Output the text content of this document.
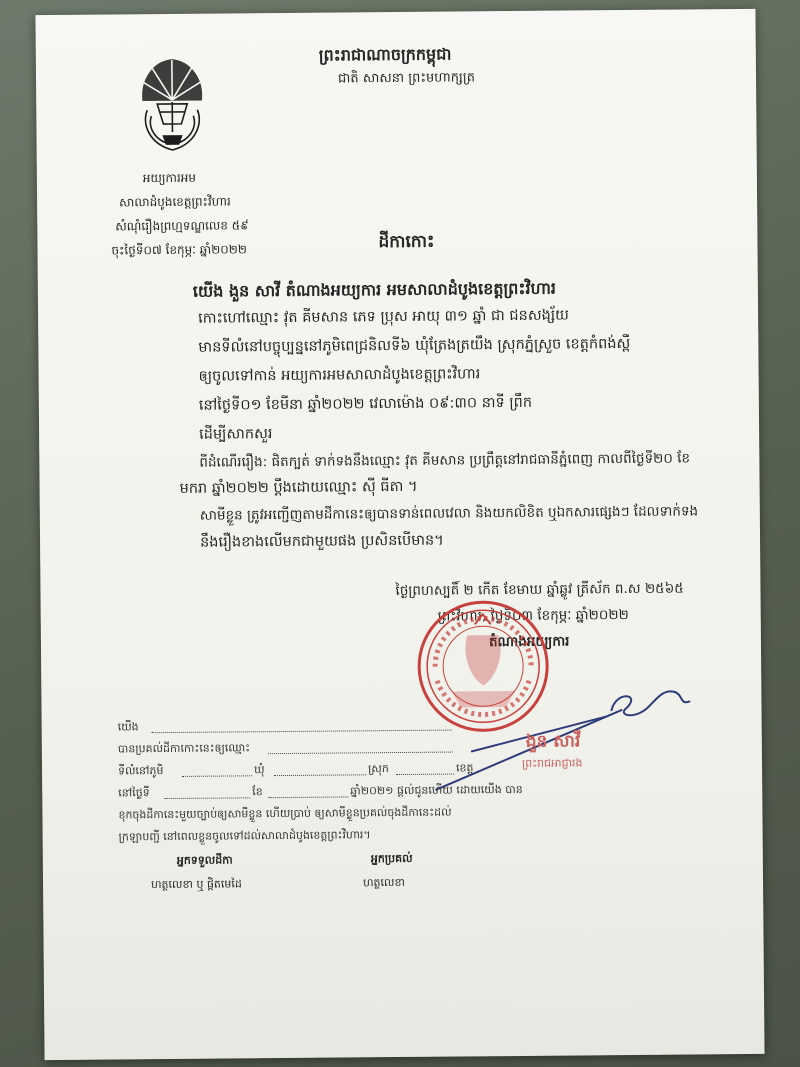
ព្រះរាជាណាចក្រកម្ពុជា
ជាតិ សាសនា ព្រះមហាក្សត្រ
អយ្យការអម
សាលាដំបូងខេត្តព្រះវិហារ
សំណុំរឿងព្រហ្មទណ្ឌលេខ ៥៩
ចុះថ្ងៃទី០៧ ខែកុម្ភៈ ឆ្នាំ២០២២	ដីកាកោះ
យើង ងួន សាវី តំណាងអយ្យការ អមសាលាដំបូងខេត្តព្រះវិហារ
កោះហៅឈ្មោះ វុត គីមសាន ភេទ ប្រុស អាយុ ៣១ ឆ្នាំ ជា ជនសង្ស័យ
មានទីលំនៅបច្ចុប្បន្ននៅភូមិពេជ្រនិលទី៦ ឃុំត្រែងត្រយឹង ស្រុកភ្នំស្រួច ខេត្តកំពង់ស្ពឺ
ឲ្យចូលទៅកាន់ អយ្យការអមសាលាដំបូងខេត្តព្រះវិហារ
នៅថ្ងៃទី០១ ខែមីនា ឆ្នាំ២០២២ វេលាម៉ោង ០៩:៣០ នាទី ព្រឹក
ដើម្បីសាកសួរ
ពីដំណើររឿង: ផិតក្បត់ ទាក់ទងនឹងឈ្មោះ វុត គីមសាន ប្រព្រឹត្តនៅរាជធានីភ្នំពេញ កាលពីថ្ងៃទី២០ ខែ
មករា ឆ្នាំ២០២២ ប្ដឹងដោយឈ្មោះ ស៊ី ធីតា ។
សាមីខ្លួន ត្រូវអញ្ជើញតាមដីកានេះឲ្យបានទាន់ពេលវេលា និងយកលិខិត ឬឯកសារផ្សេងៗ ដែលទាក់ទង
នឹងរឿងខាងលើមកជាមួយផង ប្រសិនបើមាន។
ថ្ងៃព្រហស្បតិ៍ ២ កើត ខែមាឃ ឆ្នាំឆ្លូវ ត្រីស័ក ព.ស ២៥៦៥
ព្រះវិហារ, ថ្ងៃទី០៣ ខែកុម្ភៈ ឆ្នាំ២០២២
តំណាងអយ្យការ
ងួន សាវី
ព្រះរាជអាជ្ញារង
យើង
បានប្រគល់ដីកាកោះនេះឲ្យឈ្មោះ
ទីលំនៅភូមិ	ឃុំ	ស្រុក	ខេត្ត
នៅថ្ងៃទី	ខែ	ឆ្នាំ២០២១ ផ្ដល់ជូនហើយ ដោយយើង បាន
ខុកចុងដីកានេះមួយច្បាប់ឲ្យសាមីខ្លួន ហើយប្រាប់ ឲ្យសាមីខ្លួនប្រគល់ចុងដីកានេះដល់
ក្រឡាបញ្ជី នៅពេលខ្លួនចូលទៅដល់សាលាដំបូងខេត្តព្រះវិហារ។
អ្នកទទួលដីកា
ហត្ថលេខា ឬ ផ្តិតមេដៃ
អ្នកប្រគល់
ហត្ថលេខា
